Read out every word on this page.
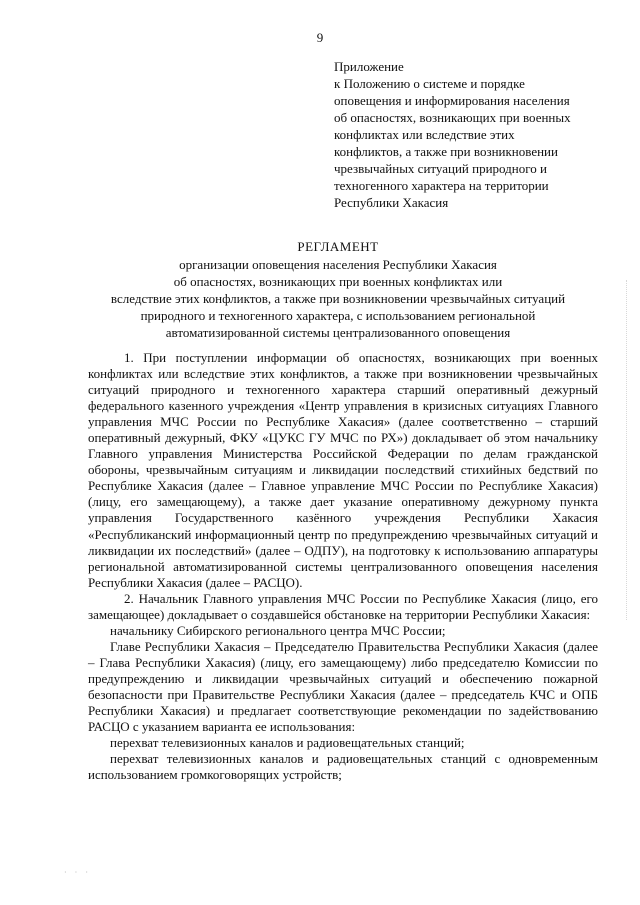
9
Приложение
к Положению о системе и порядке
оповещения и информирования населения
об опасностях, возникающих при военных
конфликтах или вследствие этих
конфликтов, а также при возникновении
чрезвычайных ситуаций природного и
техногенного характера на территории
Республики Хакасия
РЕГЛАМЕНТ
организации оповещения населения Республики Хакасия
об опасностях, возникающих при военных конфликтах или
вследствие этих конфликтов, а также при возникновении чрезвычайных ситуаций
природного и техногенного характера, с использованием региональной
автоматизированной системы централизованного оповещения

1. При поступлении информации об опасностях, возникающих при военных конфликтах или вследствие этих конфликтов, а также при возникновении чрезвычайных ситуаций природного и техногенного характера старший оперативный дежурный федерального казенного учреждения «Центр управления в кризисных ситуациях Главного управления МЧС России по Республике Хакасия» (далее соответственно – старший оперативный дежурный, ФКУ «ЦУКС ГУ МЧС по РХ») докладывает об этом начальнику Главного управления Министерства Российской Федерации по делам гражданской обороны, чрезвычайным ситуациям и ликвидации последствий стихийных бедствий по Республике Хакасия (далее – Главное управление МЧС России по Республике Хакасия) (лицу, его замещающему), а также дает указание оперативному дежурному пункта управления Государственного казённого учреждения Республики Хакасия «Республиканский информационный центр по предупреждению чрезвычайных ситуаций и ликвидации их последствий» (далее – ОДПУ), на подготовку к использованию аппаратуры региональной автоматизированной системы централизованного оповещения населения Республики Хакасия (далее – РАСЦО).

2. Начальник Главного управления МЧС России по Республике Хакасия (лицо, его замещающее) докладывает о создавшейся обстановке на территории Республики Хакасия:

начальнику Сибирского регионального центра МЧС России;

Главе Республики Хакасия – Председателю Правительства Республики Хакасия (далее – Глава Республики Хакасия) (лицу, его замещающему) либо председателю Комиссии по предупреждению и ликвидации чрезвычайных ситуаций и обеспечению пожарной безопасности при Правительстве Республики Хакасия (далее – председатель КЧС и ОПБ Республики Хакасия) и предлагает соответствующие рекомендации по задействованию РАСЦО с указанием варианта ее использования:

перехват телевизионных каналов и радиовещательных станций;

перехват телевизионных каналов и радиовещательных станций с одновременным использованием громкоговорящих устройств;

· · ·
